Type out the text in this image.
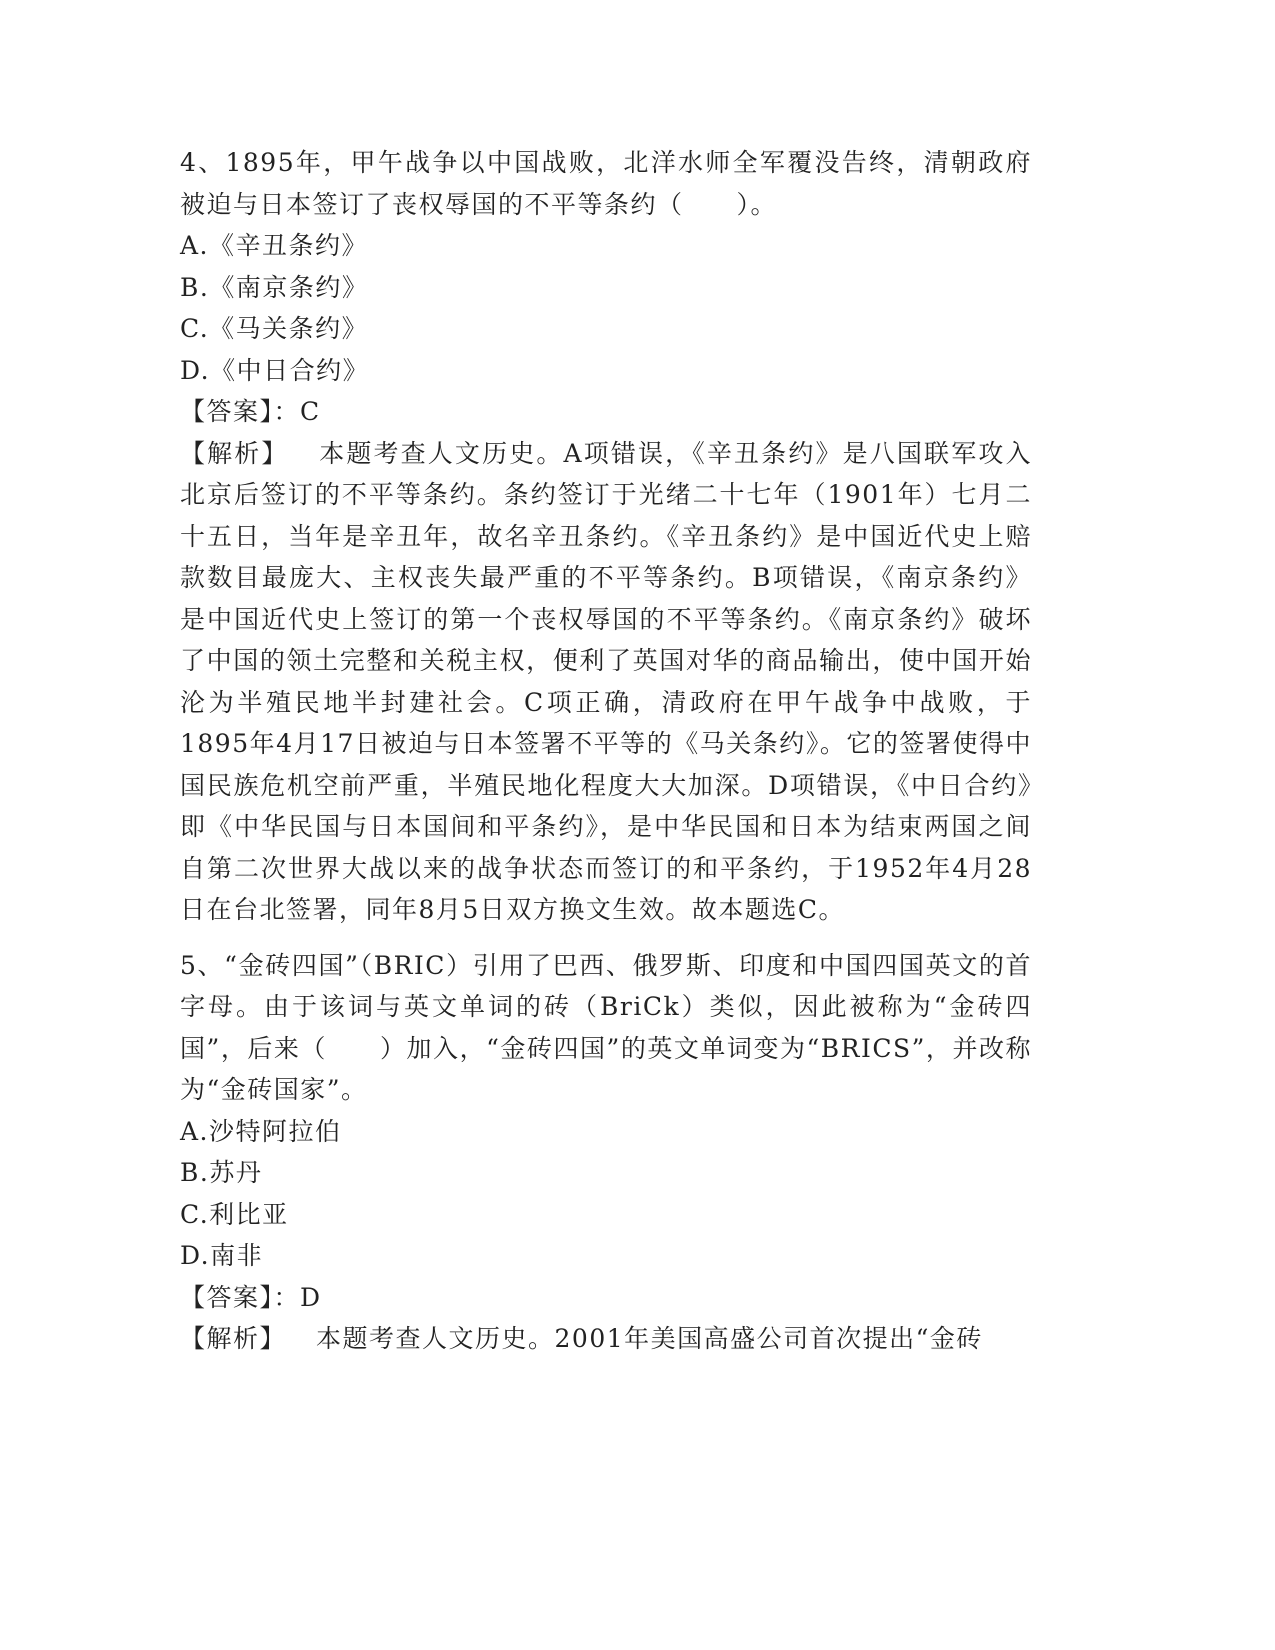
4、1895年，甲午战争以中国战败，北洋水师全军覆没告终，清朝政府被迫与日本签订了丧权辱国的不平等条约（　　）。

A.《辛丑条约》
B.《南京条约》
C.《马关条约》
D.《中日合约》

【答案】：C

【解析】 本题考查人文历史。A项错误，《辛丑条约》是八国联军攻入北京后签订的不平等条约。条约签订于光绪二十七年（1901年）七月二十五日，当年是辛丑年，故名辛丑条约。《辛丑条约》是中国近代史上赔款数目最庞大、主权丧失最严重的不平等条约。B项错误，《南京条约》是中国近代史上签订的第一个丧权辱国的不平等条约。《南京条约》破坏了中国的领土完整和关税主权，便利了英国对华的商品输出，使中国开始沦为半殖民地半封建社会。C项正确，清政府在甲午战争中战败，于1895年4月17日被迫与日本签署不平等的《马关条约》。它的签署使得中国民族危机空前严重，半殖民地化程度大大加深。D项错误，《中日合约》即《中华民国与日本国间和平条约》，是中华民国和日本为结束两国之间自第二次世界大战以来的战争状态而签订的和平条约，于1952年4月28日在台北签署，同年8月5日双方换文生效。故本题选C。

5、“金砖四国”（BRIC）引用了巴西、俄罗斯、印度和中国四国英文的首字母。由于该词与英文单词的砖（BriCk）类似，因此被称为“金砖四国”，后来（　　）加入，“金砖四国”的英文单词变为“BRICS”，并改称为“金砖国家”。

A.沙特阿拉伯
B.苏丹
C.利比亚
D.南非

【答案】：D

【解析】 本题考查人文历史。2001年美国高盛公司首次提出“金砖
